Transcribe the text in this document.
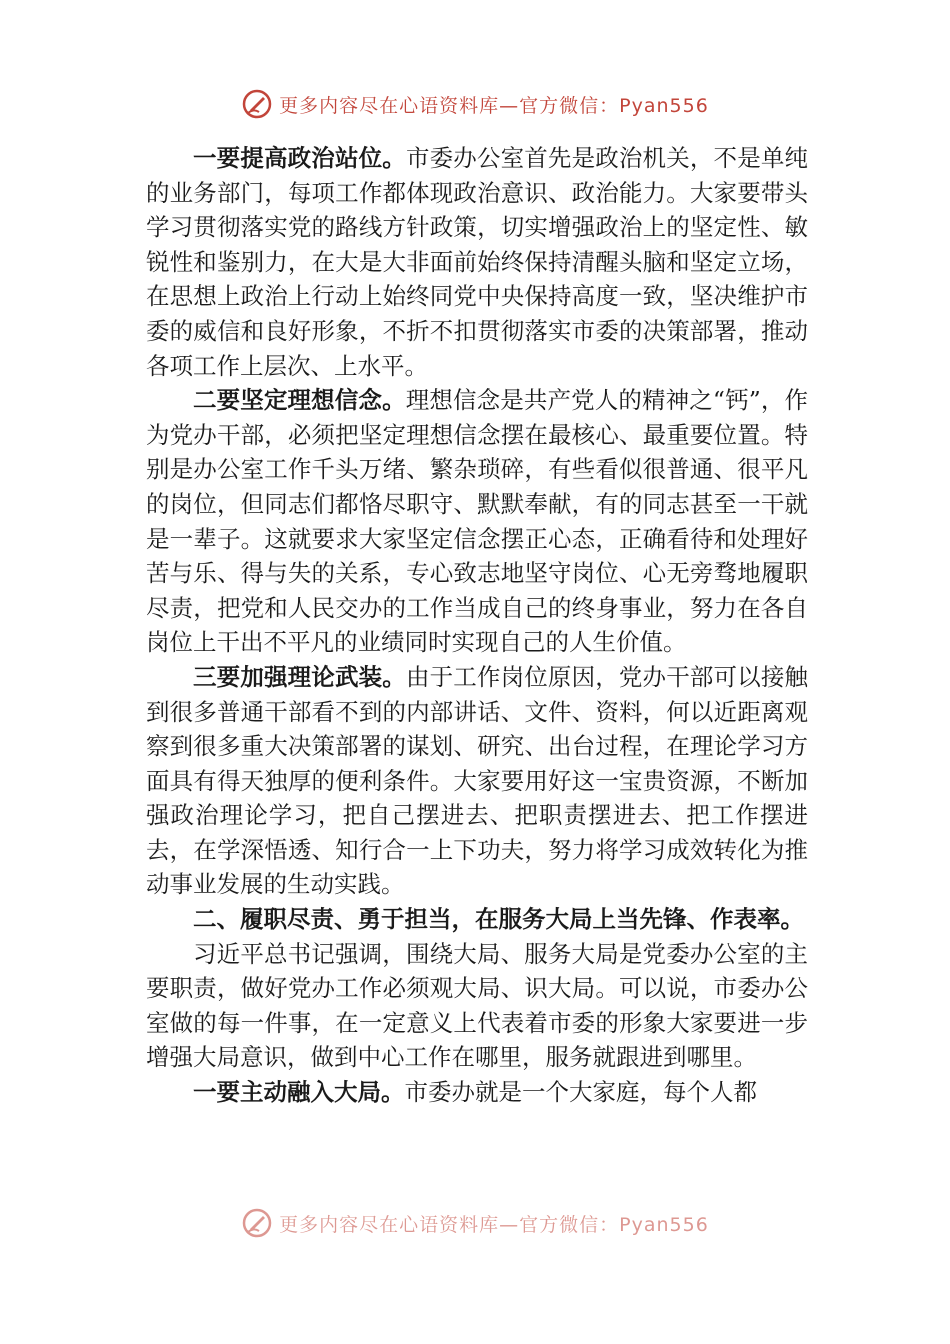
更多内容尽在心语资料库—官方微信：Pyan556

一要提高政治站位。市委办公室首先是政治机关，不是单纯的业务部门，每项工作都体现政治意识、政治能力。大家要带头学习贯彻落实党的路线方针政策，切实增强政治上的坚定性、敏锐性和鉴别力，在大是大非面前始终保持清醒头脑和坚定立场，在思想上政治上行动上始终同党中央保持高度一致，坚决维护市委的威信和良好形象，不折不扣贯彻落实市委的决策部署，推动各项工作上层次、上水平。

二要坚定理想信念。理想信念是共产党人的精神之“钙”，作为党办干部，必须把坚定理想信念摆在最核心、最重要位置。特别是办公室工作千头万绪、繁杂琐碎，有些看似很普通、很平凡的岗位，但同志们都恪尽职守、默默奉献，有的同志甚至一干就是一辈子。这就要求大家坚定信念摆正心态，正确看待和处理好苦与乐、得与失的关系，专心致志地坚守岗位、心无旁骛地履职尽责，把党和人民交办的工作当成自己的终身事业，努力在各自岗位上干出不平凡的业绩同时实现自己的人生价值。

三要加强理论武装。由于工作岗位原因，党办干部可以接触到很多普通干部看不到的内部讲话、文件、资料，何以近距离观察到很多重大决策部署的谋划、研究、出台过程，在理论学习方面具有得天独厚的便利条件。大家要用好这一宝贵资源，不断加强政治理论学习，把自己摆进去、把职责摆进去、把工作摆进去，在学深悟透、知行合一上下功夫，努力将学习成效转化为推动事业发展的生动实践。

二、履职尽责、勇于担当，在服务大局上当先锋、作表率。

习近平总书记强调，围绕大局、服务大局是党委办公室的主要职责，做好党办工作必须观大局、识大局。可以说，市委办公室做的每一件事，在一定意义上代表着市委的形象大家要进一步增强大局意识，做到中心工作在哪里，服务就跟进到哪里。

一要主动融入大局。市委办就是一个大家庭，每个人都

更多内容尽在心语资料库—官方微信：Pyan556
